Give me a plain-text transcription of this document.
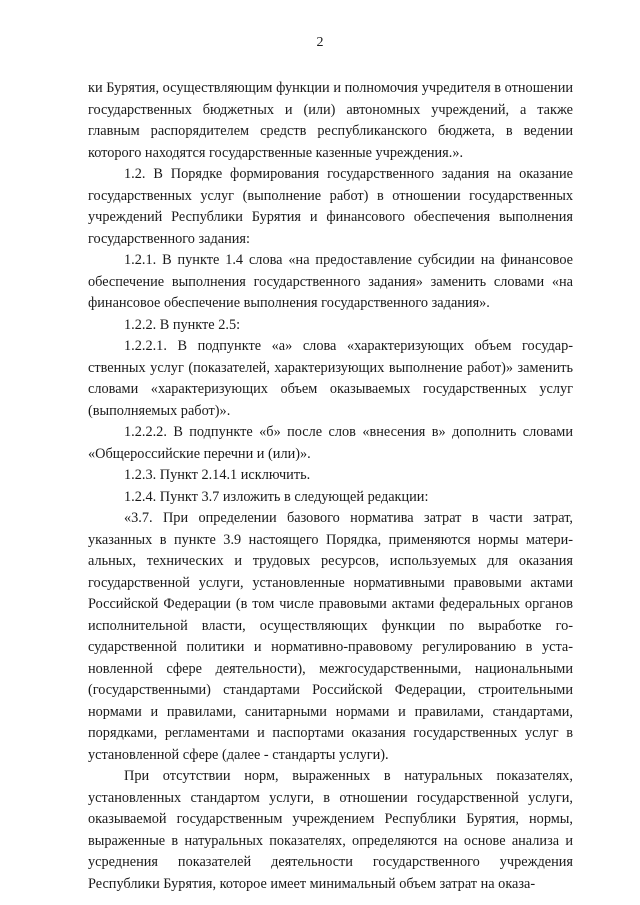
2

ки Бурятия, осуществляющим функции и полномочия учредителя в отношении государственных бюджетных и (или) автономных учреждений, а также главным распорядителем средств республиканского бюджета, в ведении которого находятся государственные казенные учреждения.».

1.2. В Порядке формирования государственного задания на оказание государственных услуг (выполнение работ) в отношении государственных учреждений Республики Бурятия и финансового обеспечения выполнения государственного задания:

1.2.1. В пункте 1.4 слова «на предоставление субсидии на финансовое обеспечение выполнения государственного задания» заменить словами «на финансовое обеспечение выполнения государственного задания».

1.2.2. В пункте 2.5:

1.2.2.1. В подпункте «а» слова «характеризующих объем государственных услуг (показателей, характеризующих выполнение работ)» заменить словами «характеризующих объем оказываемых государственных услуг (выполняемых работ)».

1.2.2.2. В подпункте «б» после слов «внесения в» дополнить словами «Общероссийские перечни и (или)».

1.2.3. Пункт 2.14.1 исключить.

1.2.4. Пункт 3.7 изложить в следующей редакции:

«3.7. При определении базового норматива затрат в части затрат, указанных в пункте 3.9 настоящего Порядка, применяются нормы материальных, технических и трудовых ресурсов, используемых для оказания государственной услуги, установленные нормативными правовыми актами Российской Федерации (в том числе правовыми актами федеральных органов исполнительной власти, осуществляющих функции по выработке государственной политики и нормативно-правовому регулированию в установленной сфере деятельности), межгосударственными, национальными (государственными) стандартами Российской Федерации, строительными нормами и правилами, санитарными нормами и правилами, стандартами, порядками, регламентами и паспортами оказания государственных услуг в установленной сфере (далее - стандарты услуги).

При отсутствии норм, выраженных в натуральных показателях, установленных стандартом услуги, в отношении государственной услуги, оказываемой государственным учреждением Республики Бурятия, нормы, выраженные в натуральных показателях, определяются на основе анализа и усреднения показателей деятельности государственного учреждения Республики Бурятия, которое имеет минимальный объем затрат на оказа-
